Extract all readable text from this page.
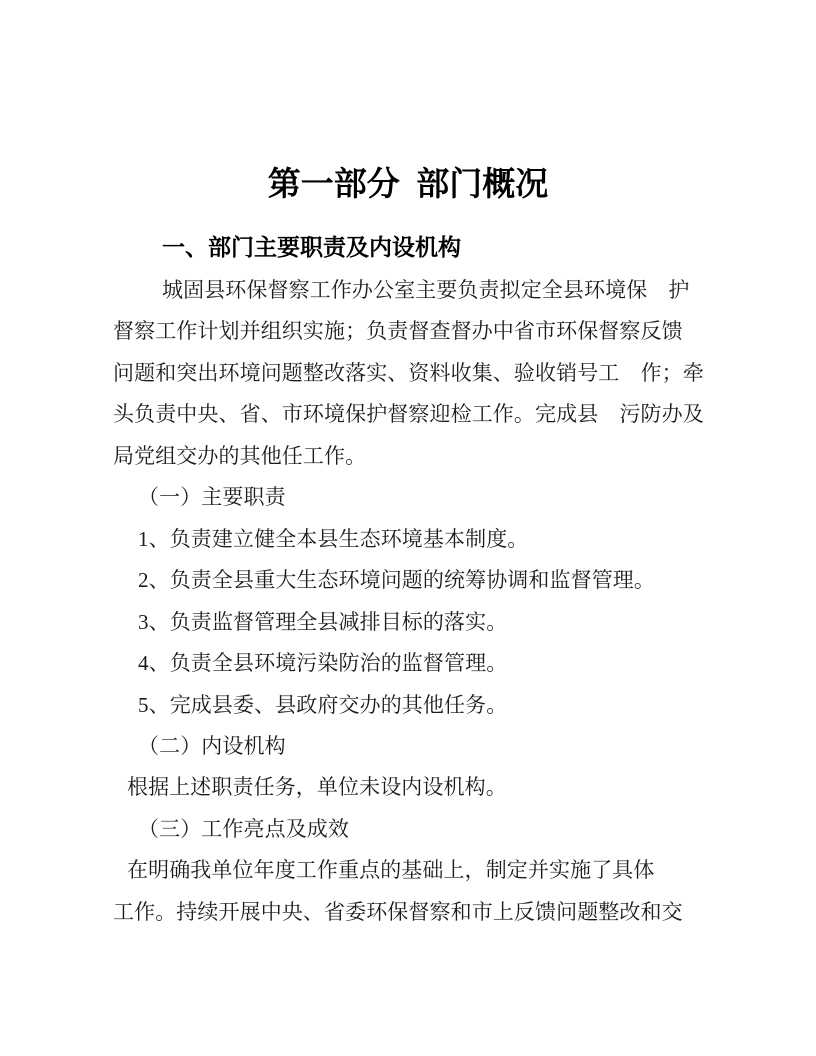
第一部分  部门概况
一、部门主要职责及内设机构
城固县环保督察工作办公室主要负责拟定全县环境保　护
督察工作计划并组织实施；负责督查督办中省市环保督察反馈
问题和突出环境问题整改落实、资料收集、验收销号工　作；牵
头负责中央、省、市环境保护督察迎检工作。完成县　污防办及
局党组交办的其他任工作。
（一）主要职责
1、负责建立健全本县生态环境基本制度。
2、负责全县重大生态环境问题的统筹协调和监督管理。
3、负责监督管理全县减排目标的落实。
4、负责全县环境污染防治的监督管理。
5、完成县委、县政府交办的其他任务。
（二）内设机构
根据上述职责任务，单位未设内设机构。
（三）工作亮点及成效
在明确我单位年度工作重点的基础上，制定并实施了具体
工作。持续开展中央、省委环保督察和市上反馈问题整改和交
